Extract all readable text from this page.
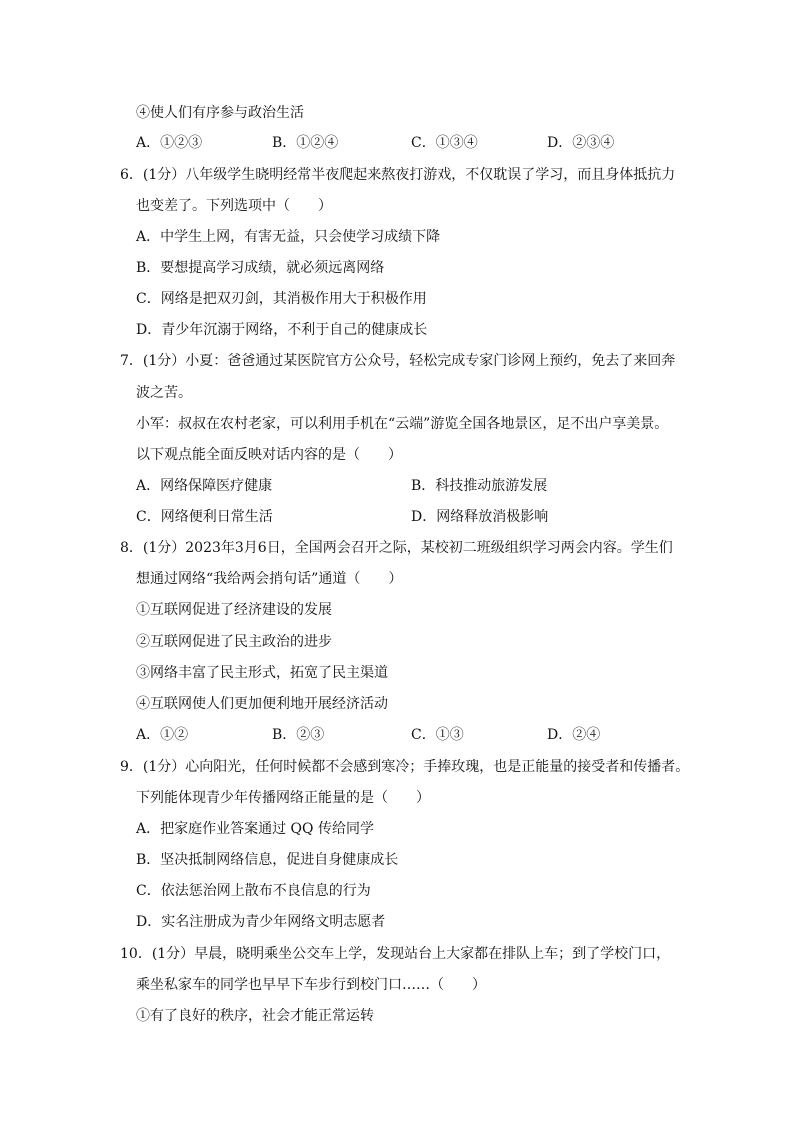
④使人们有序参与政治生活
A．①②③	B．①②④	C．①③④	D．②③④
6．(1分）八年级学生晓明经常半夜爬起来熬夜打游戏，不仅耽误了学习，而且身体抵抗力
也变差了。下列选项中（　　）
A．中学生上网，有害无益，只会使学习成绩下降
B．要想提高学习成绩，就必须远离网络
C．网络是把双刃剑，其消极作用大于积极作用
D．青少年沉溺于网络，不利于自己的健康成长
7．(1分）小夏：爸爸通过某医院官方公众号，轻松完成专家门诊网上预约，免去了来回奔
波之苦。
小军：叔叔在农村老家，可以利用手机在“云端”游览全国各地景区，足不出户享美景。
以下观点能全面反映对话内容的是（　　）
A．网络保障医疗健康	B．科技推动旅游发展
C．网络便利日常生活	D．网络释放消极影响
8．(1分）2023年3月6日，全国两会召开之际，某校初二班级组织学习两会内容。学生们
想通过网络“我给两会捎句话”通道（　　）
①互联网促进了经济建设的发展
②互联网促进了民主政治的进步
③网络丰富了民主形式，拓宽了民主渠道
④互联网使人们更加便利地开展经济活动
A．①②	B．②③	C．①③	D．②④
9．(1分）心向阳光，任何时候都不会感到寒冷；手捧玫瑰，也是正能量的接受者和传播者。
下列能体现青少年传播网络正能量的是（　　）
A．把家庭作业答案通过 QQ 传给同学
B．坚决抵制网络信息，促进自身健康成长
C．依法惩治网上散布不良信息的行为
D．实名注册成为青少年网络文明志愿者
10．(1分）早晨，晓明乘坐公交车上学，发现站台上大家都在排队上车；到了学校门口，
乘坐私家车的同学也早早下车步行到校门口……（　　）
①有了良好的秩序，社会才能正常运转
